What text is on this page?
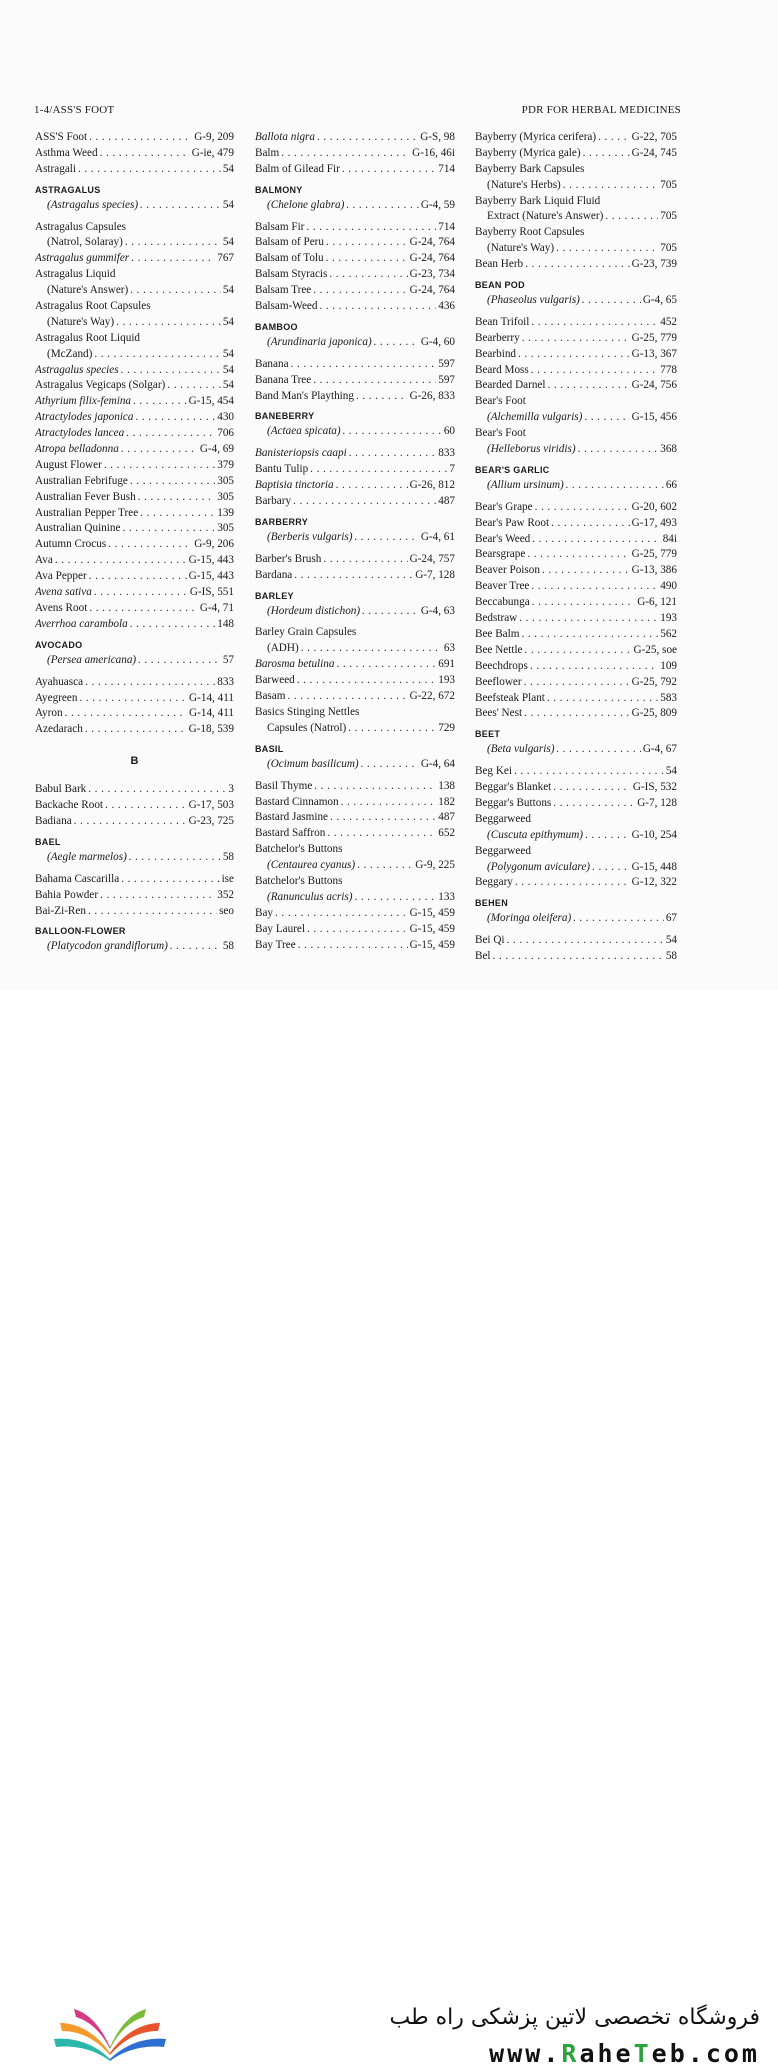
1-4/ASS'S FOOT	PDR FOR HERBAL MEDICINES
ASS'S Foot . . .	G-9, 209
Asthma Weed . . .	G-ie, 479
Astragali . . .	54
ASTRAGALUS
(Astragalus species) . . .	54
Astragalus Capsules
(Natrol, Solaray) . . .	54
Astragalus gummifer . . .	767
Astragalus Liquid
(Nature's Answer) . . .	54
Astragalus Root Capsules
(Nature's Way) . . .	54
Astragalus Root Liquid
(McZand) . . .	54
Astragalus species . . .	54
Astragalus Vegicaps (Solgar) . . .	54
Athyrium filix-femina . . .	G-15, 454
Atractylodes japonica . . .	430
Atractylodes lancea . . .	706
Atropa belladonna . . .	G-4, 69
August Flower . . .	379
Australian Febrifuge . . .	305
Australian Fever Bush . . .	305
Australian Pepper Tree . . .	139
Australian Quinine . . .	305
Autumn Crocus . . .	G-9, 206
Ava . . .	G-15, 443
Ava Pepper . . .	G-15, 443
Avena sativa . . .	G-IS, 551
Avens Root . . .	G-4, 71
Averrhoa carambola . . .	148
AVOCADO
(Persea americana) . . .	57
Ayahuasca . . .	833
Ayegreen . . .	G-14, 411
Ayron . . .	G-14, 411
Azedarach . . .	G-18, 539
B
Babul Bark . . .	3
Backache Root . . .	G-17, 503
Badiana . . .	G-23, 725
BAEL
(Aegle marmelos) . . .	58
Bahama Cascarilla . . .	ise
Bahia Powder . . .	352
Bai-Zi-Ren . . .	seo
BALLOON-FLOWER
(Platycodon grandiflorum) . . .	58
Ballota nigra . . .	G-S, 98
Balm . . .	G-16, 46i
Balm of Gilead Fir . . .	714
BALMONY
(Chelone glabra) . . .	G-4, 59
Balsam Fir . . .	714
Balsam of Peru . . .	G-24, 764
Balsam of Tolu . . .	G-24, 764
Balsam Styracis . . .	G-23, 734
Balsam Tree . . .	G-24, 764
Balsam-Weed . . .	436
BAMBOO
(Arundinaria japonica) . . .	G-4, 60
Banana . . .	597
Banana Tree . . .	597
Band Man's Plaything . . .	G-26, 833
BANEBERRY
(Actaea spicata) . . .	60
Banisteriopsis caapi . . .	833
Bantu Tulip . . .	7
Baptisia tinctoria . . .	G-26, 812
Barbary . . .	487
BARBERRY
(Berberis vulgaris) . . .	G-4, 61
Barber's Brush . . .	G-24, 757
Bardana . . .	G-7, 128
BARLEY
(Hordeum distichon) . . .	G-4, 63
Barley Grain Capsules
(ADH) . . .	63
Barosma betulina . . .	691
Barweed . . .	193
Basam . . .	G-22, 672
Basics Stinging Nettles
Capsules (Natrol) . . .	729
BASIL
(Ocimum basilicum) . . .	G-4, 64
Basil Thyme . . .	138
Bastard Cinnamon . . .	182
Bastard Jasmine . . .	487
Bastard Saffron . . .	652
Batchelor's Buttons
(Centaurea cyanus) . . .	G-9, 225
Batchelor's Buttons
(Ranunculus acris) . . .	133
Bay . . .	G-15, 459
Bay Laurel . . .	G-15, 459
Bay Tree . . .	G-15, 459
Bayberry (Myrica cerifera) . . .	G-22, 705
Bayberry (Myrica gale) . . .	G-24, 745
Bayberry Bark Capsules
(Nature's Herbs) . . .	705
Bayberry Bark Liquid Fluid
Extract (Nature's Answer) . . .	705
Bayberry Root Capsules
(Nature's Way) . . .	705
Bean Herb . . .	G-23, 739
BEAN POD
(Phaseolus vulgaris) . . .	G-4, 65
Bean Trifoil . . .	452
Bearberry . . .	G-25, 779
Bearbind . . .	G-13, 367
Beard Moss . . .	778
Bearded Darnel . . .	G-24, 756
Bear's Foot
(Alchemilla vulgaris) . . .	G-15, 456
Bear's Foot
(Helleborus viridis) . . .	368
BEAR'S GARLIC
(Allium ursinum) . . .	66
Bear's Grape . . .	G-20, 602
Bear's Paw Root . . .	G-17, 493
Bear's Weed . . .	84i
Bearsgrape . . .	G-25, 779
Beaver Poison . . .	G-13, 386
Beaver Tree . . .	490
Beccabunga . . .	G-6, 121
Bedstraw . . .	193
Bee Balm . . .	562
Bee Nettle . . .	G-25, soe
Beechdrops . . .	109
Beeflower . . .	G-25, 792
Beefsteak Plant . . .	583
Bees' Nest . . .	G-25, 809
BEET
(Beta vulgaris) . . .	G-4, 67
Beg Kei . . .	54
Beggar's Blanket . . .	G-IS, 532
Beggar's Buttons . . .	G-7, 128
Beggarweed
(Cuscuta epithymum) . . .	G-10, 254
Beggarweed
(Polygonum aviculare) . . .	G-15, 448
Beggary . . .	G-12, 322
BEHEN
(Moringa oleifera) . . .	67
Bei Qi . . .	54
Bel . . .	58
فروشگاه تخصصی لاتین پزشکی راه طب
www.RaheTeb.com
